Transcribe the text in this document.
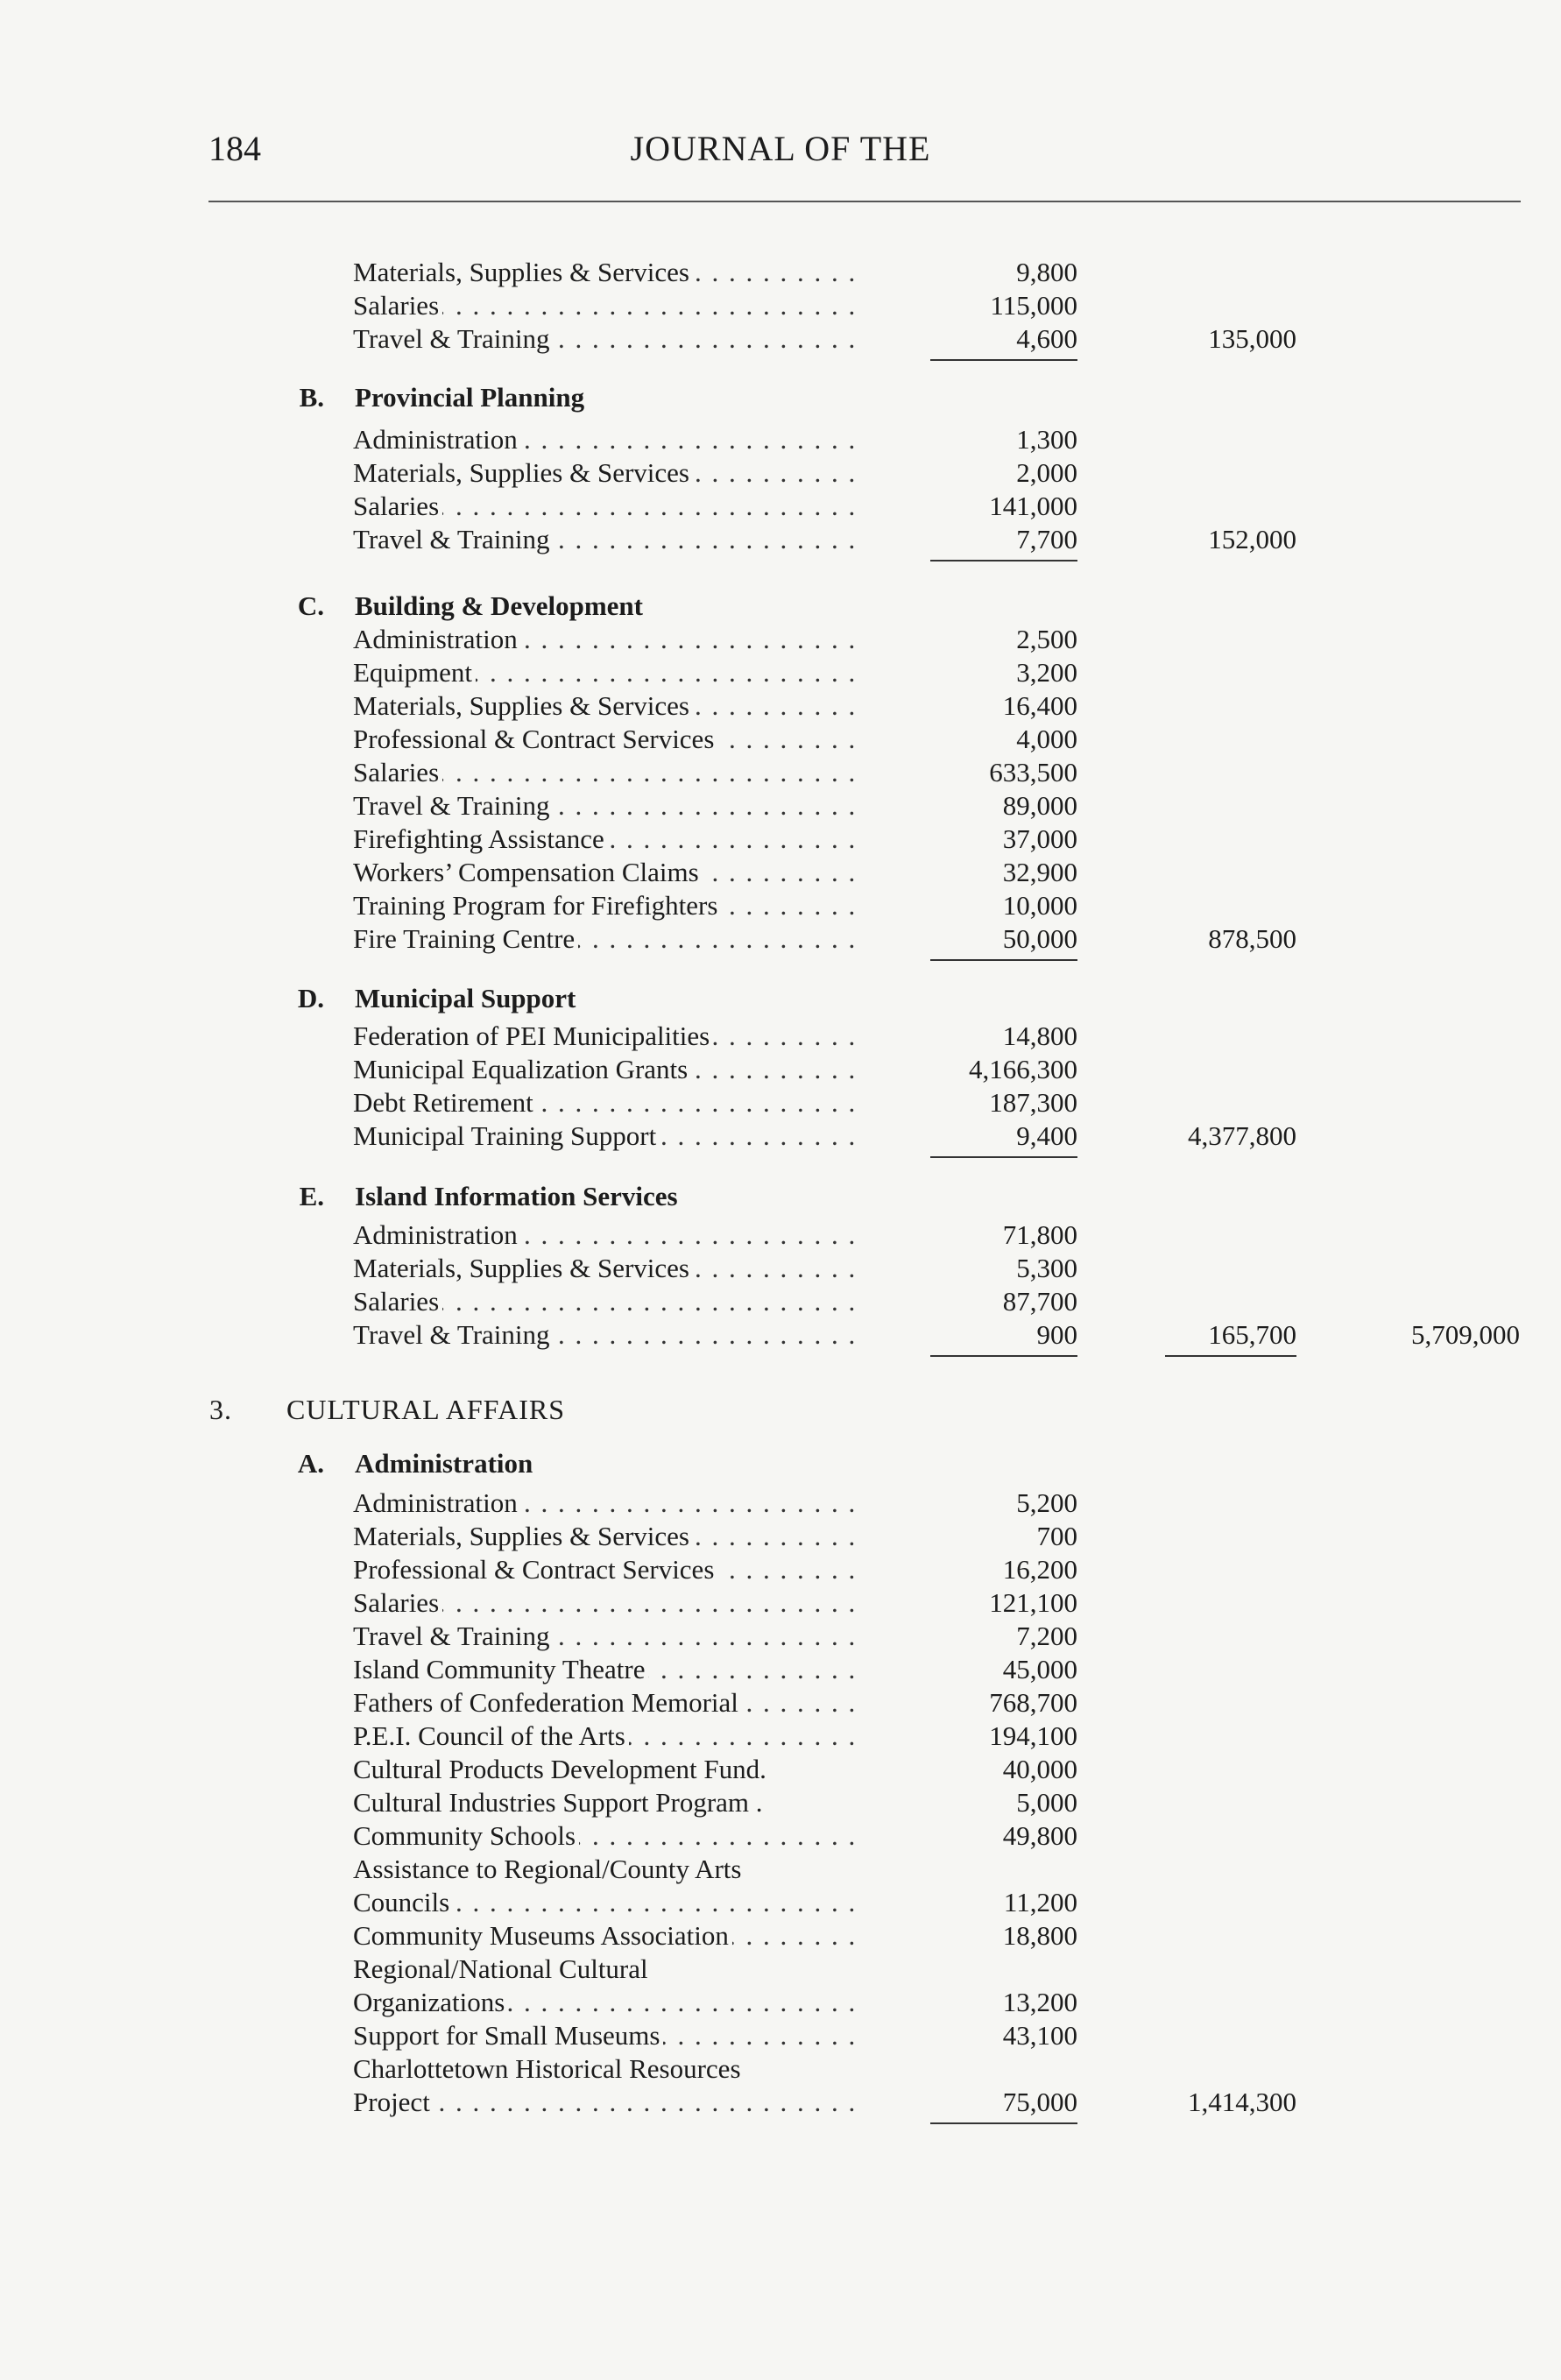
184	JOURNAL OF THE
. . .
Materials, Supplies & Services	9,800
. . .
Salaries	115,000
. . .
Travel & Training	4,600	135,000
B. Provincial Planning
. . .
Administration	1,300
. . .
Materials, Supplies & Services	2,000
. . .
Salaries	141,000
. . .
Travel & Training	7,700	152,000
C. Building & Development
. . .
Administration	2,500
. . .
Equipment	3,200
. . .
Materials, Supplies & Services	16,400
. . .
Professional & Contract Services	4,000
. . .
Salaries	633,500
. . .
Travel & Training	89,000
. . .
Firefighting Assistance	37,000
. . .
Workers’ Compensation Claims	32,900
. . .
Training Program for Firefighters	10,000
. . .
Fire Training Centre	50,000	878,500
D. Municipal Support
. . .
Federation of PEI Municipalities	14,800
. . .
Municipal Equalization Grants	4,166,300
. . .
Debt Retirement	187,300
. . .
Municipal Training Support	9,400	4,377,800
E. Island Information Services
. . .
Administration	71,800
. . .
Materials, Supplies & Services	5,300
. . .
Salaries	87,700
. . .
Travel & Training	900	165,700	5,709,000
3. CULTURAL AFFAIRS
A. Administration
. . .
Administration	5,200
. . .
Materials, Supplies & Services	700
. . .
Professional & Contract Services	16,200
. . .
Salaries	121,100
. . .
Travel & Training	7,200
. . .
Island Community Theatre	45,000
. . .
Fathers of Confederation Memorial	768,700
. . .
P.E.I. Council of the Arts	194,100
Cultural Products Development Fund.	40,000
Cultural Industries Support Program .	5,000
. . .
Community Schools	49,800
Assistance to Regional/County Arts
. . .
Councils	11,200
. . .
Community Museums Association	18,800
Regional/National Cultural
. . .
Organizations	13,200
. . .
Support for Small Museums	43,100
Charlottetown Historical Resources
. . .
Project	75,000	1,414,300
